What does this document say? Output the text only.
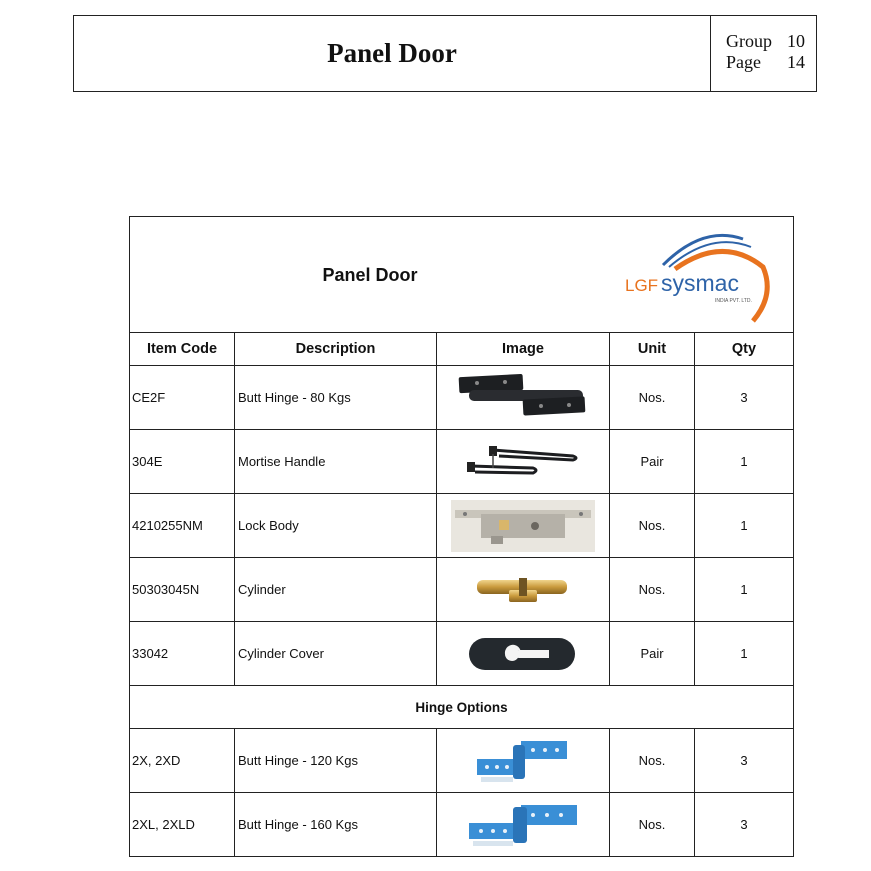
Panel Door	Group 10
Page	14
Panel Door
LGF sysmac
INDIA PVT. LTD.				

Item Code	Description	Image	Unit	Qty
CE2F	Butt Hinge - 80 Kgs		Nos.	3
304E	Mortise Handle		Pair	1
4210255NM	Lock Body		Nos.	1
50303045N	Cylinder		Nos.	1
33042	Cylinder Cover		Pair	1
Hinge Options				
2X, 2XD	Butt Hinge - 120 Kgs		Nos.	3
2XL, 2XLD	Butt Hinge - 160 Kgs		Nos.	3
